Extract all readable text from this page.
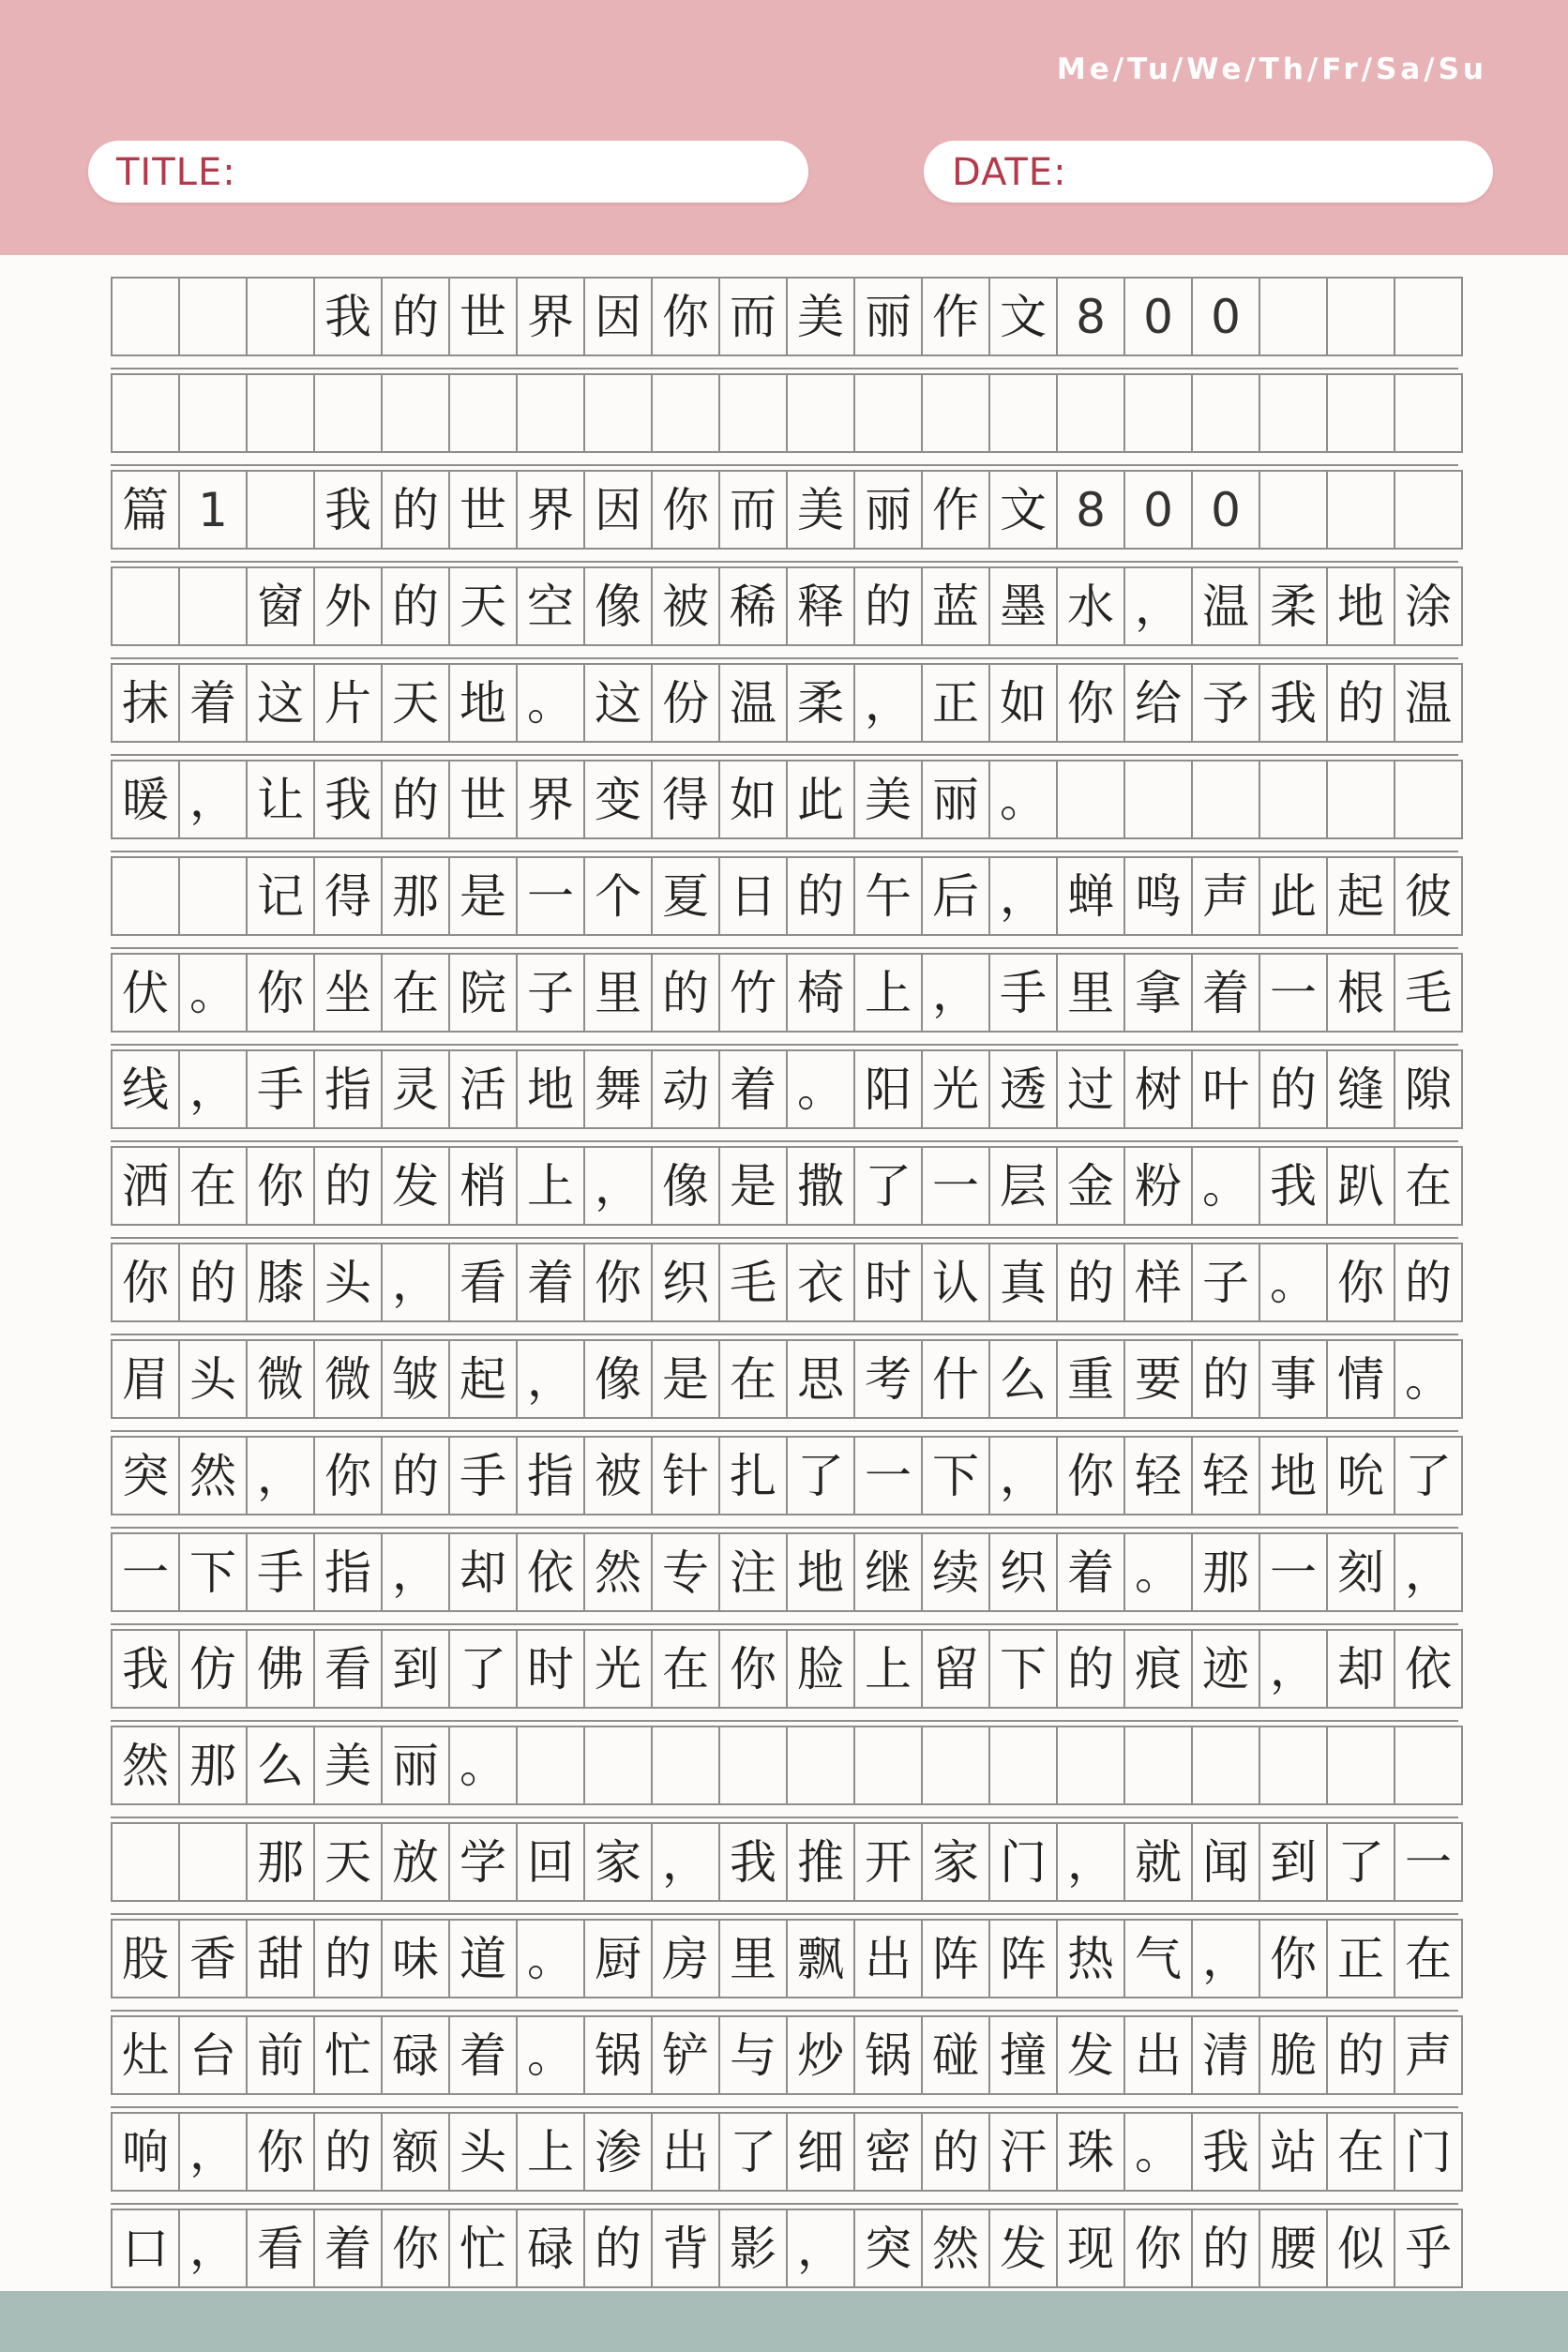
Me/Tu/We/Th/Fr/Sa/Su
TITLE:	DATE:
我 的 世 界 因 你 而 美 丽 作 文 8 0 0
篇 1	我 的 世 界 因 你 而 美 丽 作 文 8 0 0
窗 外 的 天 空 像 被 稀 释 的 蓝 墨 水 ， 温 柔 地 涂
抹 着 这 片 天 地 。 这 份 温 柔 ， 正 如 你 给 予 我 的 温
暖 ， 让 我 的 世 界 变 得 如 此 美 丽 。
记 得 那 是 一 个 夏 日 的 午 后 ， 蝉 鸣 声 此 起 彼
伏 。 你 坐 在 院 子 里 的 竹 椅 上 ， 手 里 拿 着 一 根 毛
线 ， 手 指 灵 活 地 舞 动 着 。 阳 光 透 过 树 叶 的 缝 隙
洒 在 你 的 发 梢 上 ， 像 是 撒 了 一 层 金 粉 。 我 趴 在
你 的 膝 头 ， 看 着 你 织 毛 衣 时 认 真 的 样 子 。 你 的
眉 头 微 微 皱 起 ， 像 是 在 思 考 什 么 重 要 的 事 情 。
突 然 ， 你 的 手 指 被 针 扎 了 一 下 ， 你 轻 轻 地 吮 了
一 下 手 指 ， 却 依 然 专 注 地 继 续 织 着 。 那 一 刻 ，
我 仿 佛 看 到 了 时 光 在 你 脸 上 留 下 的 痕 迹 ， 却 依
然 那 么 美 丽 。
那 天 放 学 回 家 ， 我 推 开 家 门 ， 就 闻 到 了 一
股 香 甜 的 味 道 。 厨 房 里 飘 出 阵 阵 热 气 ， 你 正 在
灶 台 前 忙 碌 着 。 锅 铲 与 炒 锅 碰 撞 发 出 清 脆 的 声
响 ， 你 的 额 头 上 渗 出 了 细 密 的 汗 珠 。 我 站 在 门
口 ， 看 着 你 忙 碌 的 背 影 ， 突 然 发 现 你 的 腰 似 乎
